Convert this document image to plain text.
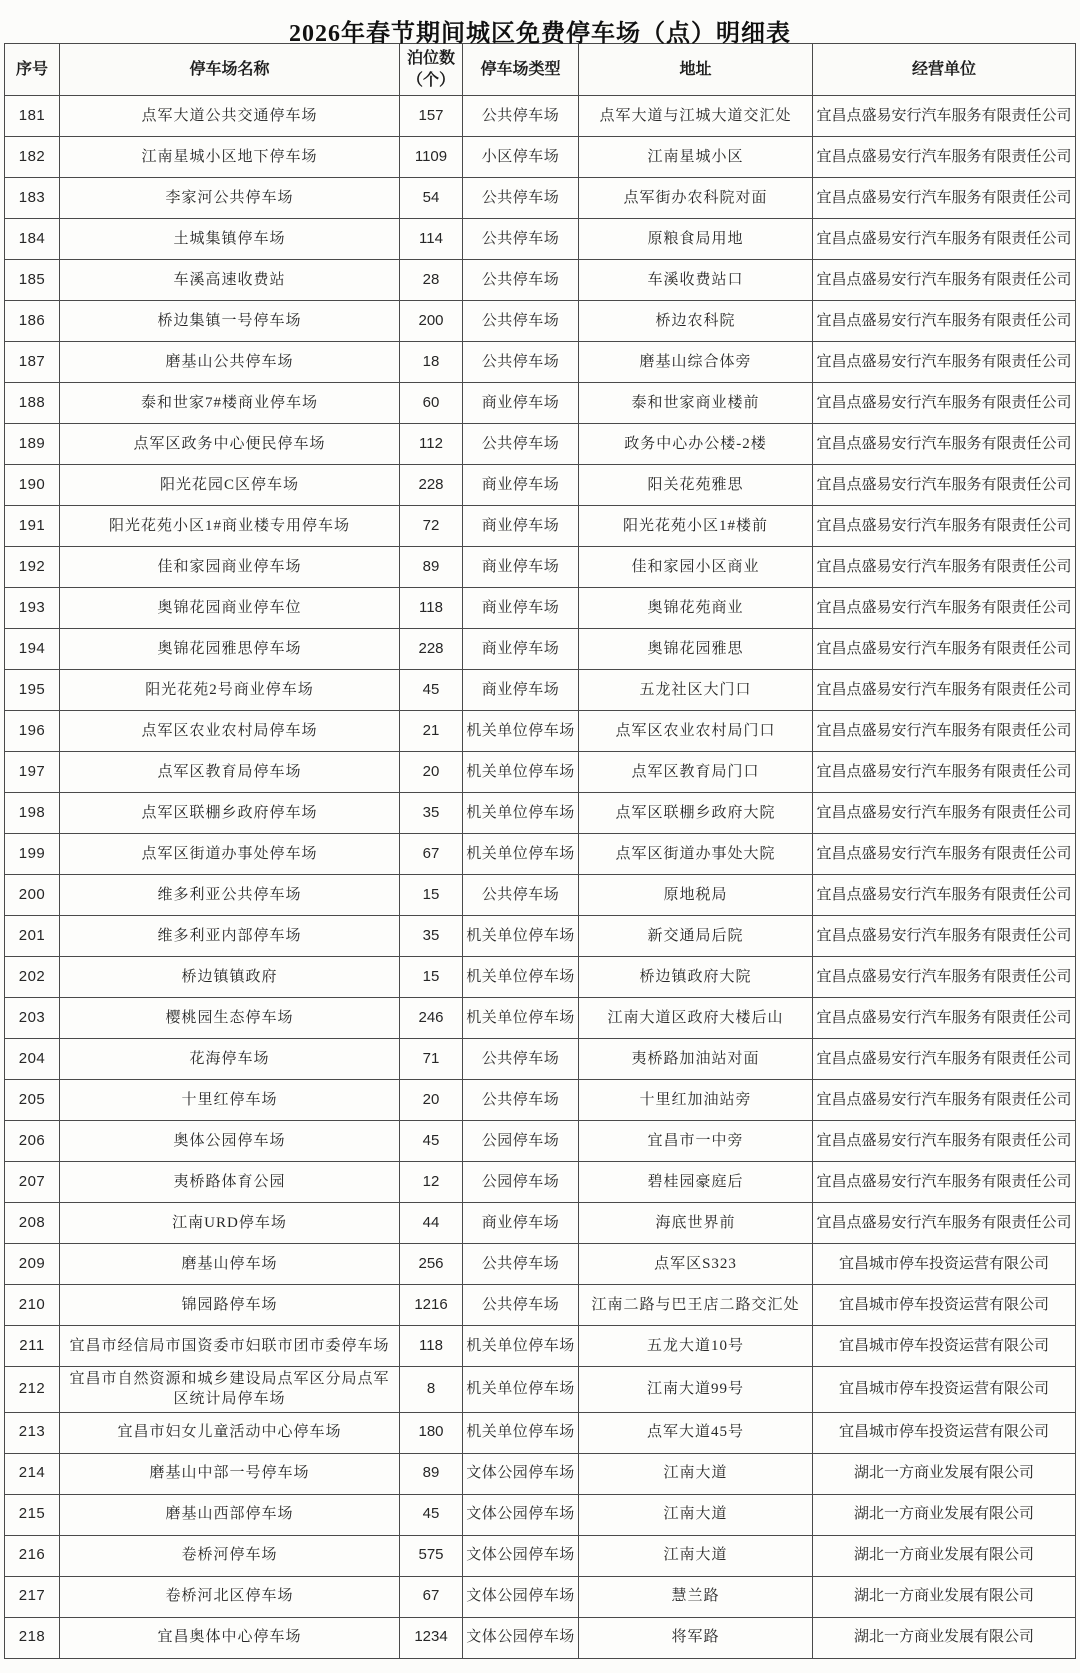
2026年春节期间城区免费停车场（点）明细表
序号	停车场名称	泊位数（个）	停车场类型	地址	经营单位
181	点军大道公共交通停车场	157	公共停车场	点军大道与江城大道交汇处	宜昌点盛易安行汽车服务有限责任公司
182	江南星城小区地下停车场	1109	小区停车场	江南星城小区	宜昌点盛易安行汽车服务有限责任公司
183	李家河公共停车场	54	公共停车场	点军街办农科院对面	宜昌点盛易安行汽车服务有限责任公司
184	土城集镇停车场	114	公共停车场	原粮食局用地	宜昌点盛易安行汽车服务有限责任公司
185	车溪高速收费站	28	公共停车场	车溪收费站口	宜昌点盛易安行汽车服务有限责任公司
186	桥边集镇一号停车场	200	公共停车场	桥边农科院	宜昌点盛易安行汽车服务有限责任公司
187	磨基山公共停车场	18	公共停车场	磨基山综合体旁	宜昌点盛易安行汽车服务有限责任公司
188	泰和世家7#楼商业停车场	60	商业停车场	泰和世家商业楼前	宜昌点盛易安行汽车服务有限责任公司
189	点军区政务中心便民停车场	112	公共停车场	政务中心办公楼-2楼	宜昌点盛易安行汽车服务有限责任公司
190	阳光花园C区停车场	228	商业停车场	阳关花苑雅思	宜昌点盛易安行汽车服务有限责任公司
191	阳光花苑小区1#商业楼专用停车场	72	商业停车场	阳光花苑小区1#楼前	宜昌点盛易安行汽车服务有限责任公司
192	佳和家园商业停车场	89	商业停车场	佳和家园小区商业	宜昌点盛易安行汽车服务有限责任公司
193	奥锦花园商业停车位	118	商业停车场	奥锦花苑商业	宜昌点盛易安行汽车服务有限责任公司
194	奥锦花园雅思停车场	228	商业停车场	奥锦花园雅思	宜昌点盛易安行汽车服务有限责任公司
195	阳光花苑2号商业停车场	45	商业停车场	五龙社区大门口	宜昌点盛易安行汽车服务有限责任公司
196	点军区农业农村局停车场	21	机关单位停车场	点军区农业农村局门口	宜昌点盛易安行汽车服务有限责任公司
197	点军区教育局停车场	20	机关单位停车场	点军区教育局门口	宜昌点盛易安行汽车服务有限责任公司
198	点军区联棚乡政府停车场	35	机关单位停车场	点军区联棚乡政府大院	宜昌点盛易安行汽车服务有限责任公司
199	点军区街道办事处停车场	67	机关单位停车场	点军区街道办事处大院	宜昌点盛易安行汽车服务有限责任公司
200	维多利亚公共停车场	15	公共停车场	原地税局	宜昌点盛易安行汽车服务有限责任公司
201	维多利亚内部停车场	35	机关单位停车场	新交通局后院	宜昌点盛易安行汽车服务有限责任公司
202	桥边镇镇政府	15	机关单位停车场	桥边镇政府大院	宜昌点盛易安行汽车服务有限责任公司
203	樱桃园生态停车场	246	机关单位停车场	江南大道区政府大楼后山	宜昌点盛易安行汽车服务有限责任公司
204	花海停车场	71	公共停车场	夷桥路加油站对面	宜昌点盛易安行汽车服务有限责任公司
205	十里红停车场	20	公共停车场	十里红加油站旁	宜昌点盛易安行汽车服务有限责任公司
206	奥体公园停车场	45	公园停车场	宜昌市一中旁	宜昌点盛易安行汽车服务有限责任公司
207	夷桥路体育公园	12	公园停车场	碧桂园豪庭后	宜昌点盛易安行汽车服务有限责任公司
208	江南URD停车场	44	商业停车场	海底世界前	宜昌点盛易安行汽车服务有限责任公司
209	磨基山停车场	256	公共停车场	点军区S323	宜昌城市停车投资运营有限公司
210	锦园路停车场	1216	公共停车场	江南二路与巴王店二路交汇处	宜昌城市停车投资运营有限公司
211	宜昌市经信局市国资委市妇联市团市委停车场	118	机关单位停车场	五龙大道10号	宜昌城市停车投资运营有限公司
212	宜昌市自然资源和城乡建设局点军区分局点军区统计局停车场	8	机关单位停车场	江南大道99号	宜昌城市停车投资运营有限公司
213	宜昌市妇女儿童活动中心停车场	180	机关单位停车场	点军大道45号	宜昌城市停车投资运营有限公司
214	磨基山中部一号停车场	89	文体公园停车场	江南大道	湖北一方商业发展有限公司
215	磨基山西部停车场	45	文体公园停车场	江南大道	湖北一方商业发展有限公司
216	卷桥河停车场	575	文体公园停车场	江南大道	湖北一方商业发展有限公司
217	卷桥河北区停车场	67	文体公园停车场	慧兰路	湖北一方商业发展有限公司
218	宜昌奥体中心停车场	1234	文体公园停车场	将军路	湖北一方商业发展有限公司
